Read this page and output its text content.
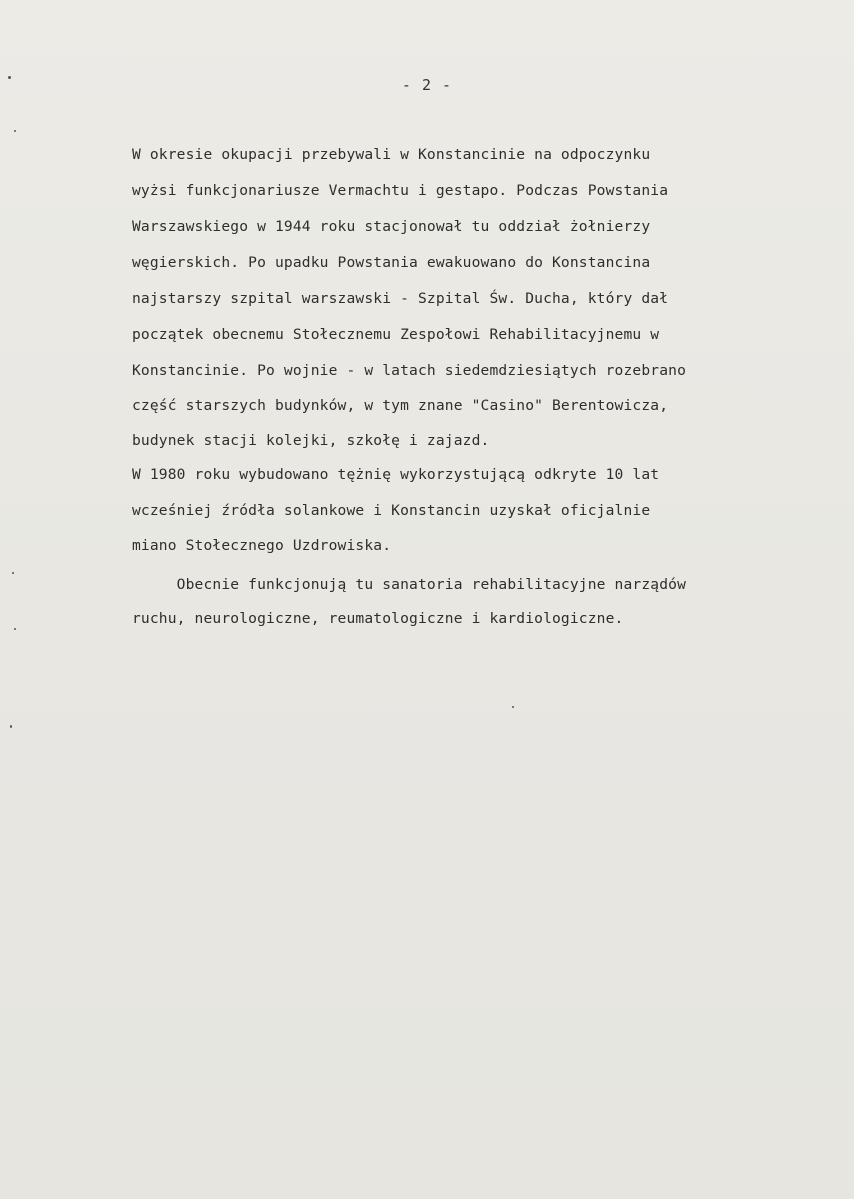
- 2 -
W okresie okupacji przebywali w Konstancinie na odpoczynku
wyżsi funkcjonariusze Vermachtu i gestapo. Podczas Powstania
Warszawskiego w 1944 roku stacjonował tu oddział żołnierzy
węgierskich. Po upadku Powstania ewakuowano do Konstancina
najstarszy szpital warszawski - Szpital Św. Ducha, który dał
początek obecnemu Stołecznemu Zespołowi Rehabilitacyjnemu w
Konstancinie. Po wojnie - w latach siedemdziesiątych rozebrano
część starszych budynków, w tym znane "Casino" Berentowicza,
budynek stacji kolejki, szkołę i zajazd.
W 1980 roku wybudowano tężnię wykorzystującą odkryte 10 lat
wcześniej źródła solankowe i Konstancin uzyskał oficjalnie
miano Stołecznego Uzdrowiska.
Obecnie funkcjonują tu sanatoria rehabilitacyjne narządów
ruchu, neurologiczne, reumatologiczne i kardiologiczne.
